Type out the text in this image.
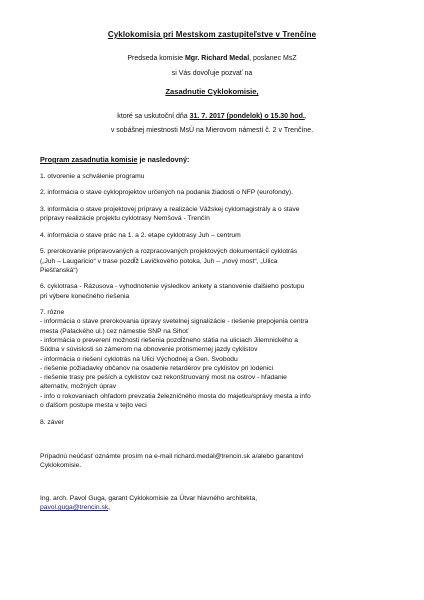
Cyklokomisia pri Mestskom zastupiteľstve v Trenčíne
Predseda komisie Mgr. Richard Medal, poslanec MsZ
si Vás dovoľuje pozvať na
Zasadnutie Cyklokomisie,
ktoré sa uskutoční dňa 31. 7. 2017 (pondelok) o 15.30 hod.,
v sobášnej miestnosti MsÚ na Mierovom námestí č. 2 v Trenčíne.
Program zasadnutia komisie je nasledovný:
1. otvorenie a schválenie programu
2. informácia o stave cykloprojektov určených na podania žiadosti o NFP (eurofondy).
3. informácia o stave projektovej prípravy a realizácie Vážskej cyklomagistrály a o stave
prípravy realizácie projektu cyklotrasy Nemšová - Trenčín
4. informácia o stave prác na 1. a 2. etape cyklotrasy Juh – centrum
5. prerokovanie pripravovaných a rozpracovaných projektových dokumentácií cyklotrás
(„Juh – Laugaricio“ v trase pozdĺž Lavičkového potoka, Juh – „nový most“, „Ulica
Piešťanská“)
6. cyklotrasa - Rázusova - vyhodnotenie výsledkov ankety a stanovenie ďalšieho postupu
pri výbere konečného riešenia
7. rôzne
- informácia o stave prerokovania úpravy svetelnej signalizácie - riešenie prepojenia centra
mesta (Palackého ul.) cez námestie SNP na Sihoť
- informácia o preverení možnosti riešenia pozdĺžneho státia na uliciach Jilemnického a
Súdna v súvislosti so zámerom na obnovenie protismernej jazdy cyklistov
- informácia o riešení cyklotrás na Ulici Východnej a Gen. Svobodu
- riešenie požiadavky občanov na osadenie retardérov pre cyklistov pri lodenici
- riešenie trasy pre peších a cyklistov cez rekonštruovaný most na ostrov - hľadanie
alternatív, možných úprav
- info o rokovaniach ohľadom prevzatia železničného mosta do majetku/správy mesta a info
o ďalšom postupe mesta v tejto veci
8. záver
Prípadnú neúčasť oznámte prosím na e-mail richard.medal@trencin.sk a/alebo garantovi
Cyklokomisie.
Ing. arch. Pavol Guga, garant Cyklokomisie za Útvar hlavného architekta,
pavol.guga@trencin.sk,
